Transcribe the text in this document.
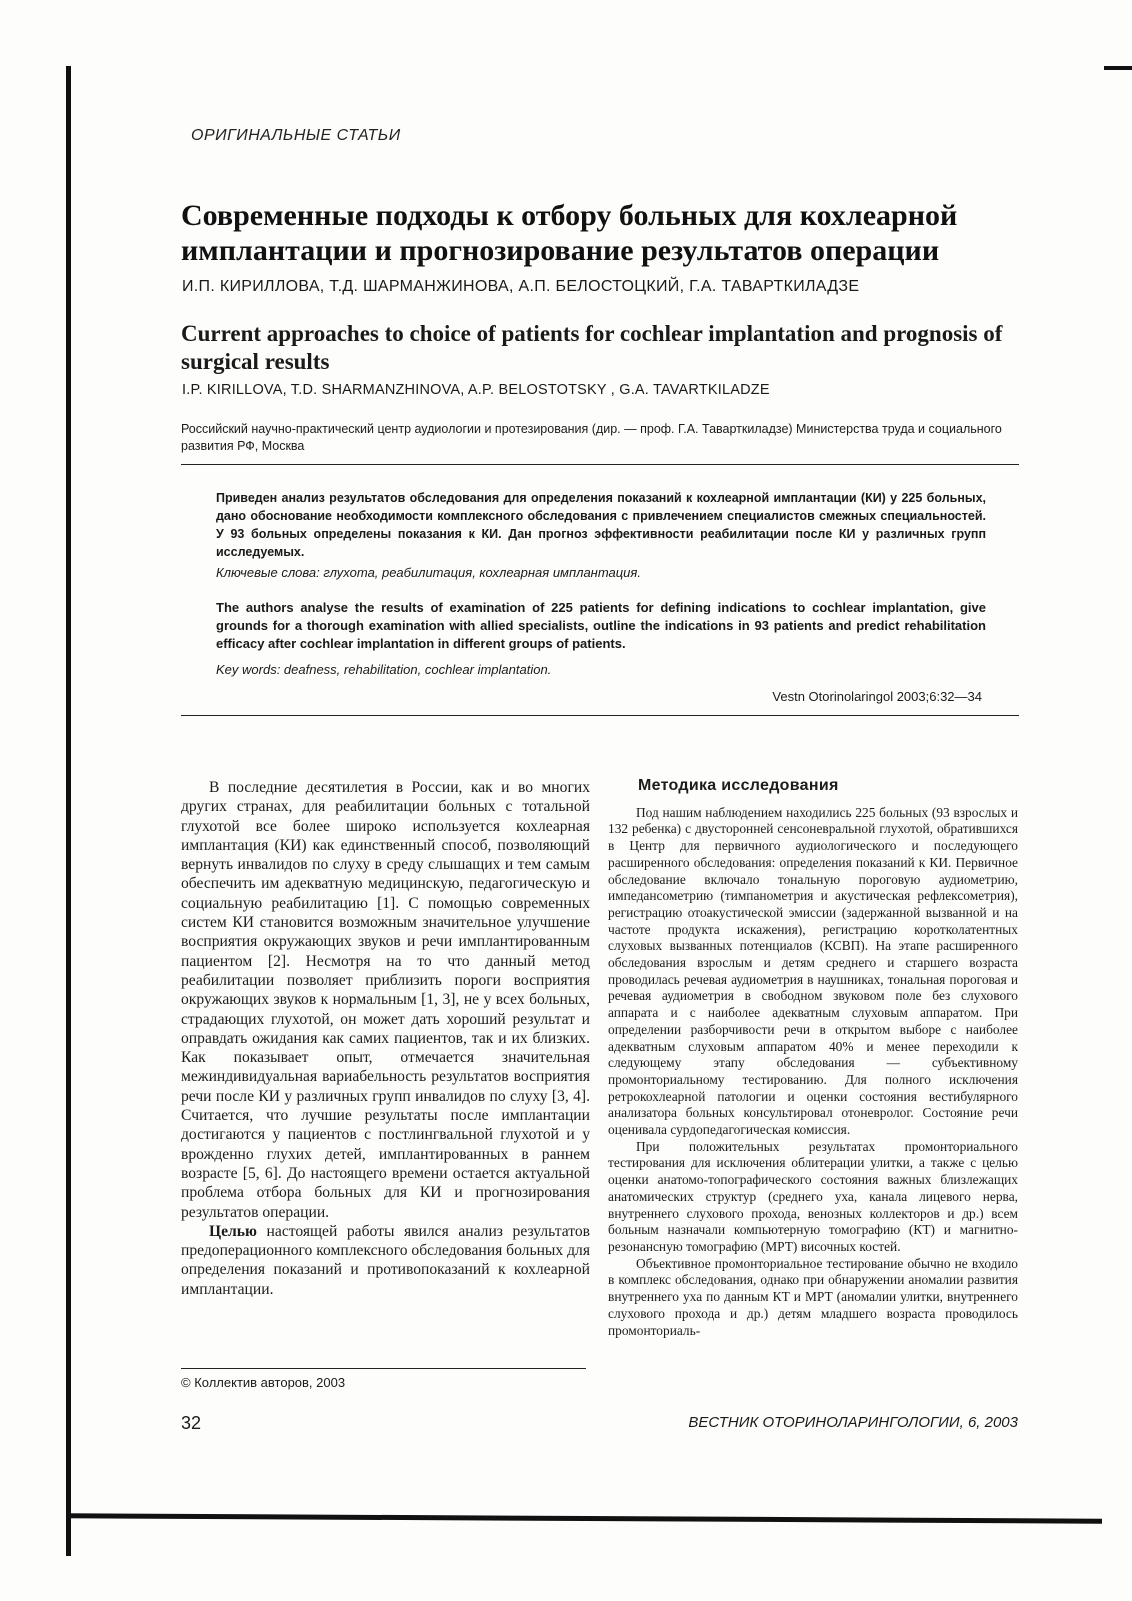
ОРИГИНАЛЬНЫЕ СТАТЬИ
Современные подходы к отбору больных для кохлеарной имплантации и прогнозирование результатов операции
И.П. КИРИЛЛОВА, Т.Д. ШАРМАНЖИНОВА, А.П. БЕЛОСТОЦКИЙ, Г.А. ТАВАРТКИЛАДЗЕ
Current approaches to choice of patients for cochlear implantation and prognosis of surgical results
I.P. KIRILLOVA, T.D. SHARMANZHINOVA, A.P. BELOSTOTSKY , G.A. TAVARTKILADZE
Российский научно-практический центр аудиологии и протезирования (дир. — проф. Г.А. Таварткиладзе) Министерства труда и социального развития РФ, Москва
Приведен анализ результатов обследования для определения показаний к кохлеарной имплантации (КИ) у 225 больных, дано обоснование необходимости комплексного обследования с привлечением специалистов смежных специальностей. У 93 больных определены показания к КИ. Дан прогноз эффективности реабилитации после КИ у различных групп исследуемых.
Ключевые слова: глухота, реабилитация, кохлеарная имплантация.
The authors analyse the results of examination of 225 patients for defining indications to cochlear implantation, give grounds for a thorough examination with allied specialists, outline the indications in 93 patients and predict rehabilitation efficacy after cochlear implantation in different groups of patients.
Key words: deafness, rehabilitation, cochlear implantation.
Vestn Otorinolaringol 2003;6:32—34

В последние десятилетия в России, как и во многих других странах, для реабилитации больных с тотальной глухотой все более широко используется кохлеарная имплантация (КИ) как единственный способ, позволяющий вернуть инвалидов по слуху в среду слышащих и тем самым обеспечить им адекватную медицинскую, педагогическую и социальную реабилитацию [1]. С помощью современных систем КИ становится возможным значительное улучшение восприятия окружающих звуков и речи имплантированным пациентом [2]. Несмотря на то что данный метод реабилитации позволяет приблизить пороги восприятия окружающих звуков к нормальным [1, 3], не у всех больных, страдающих глухотой, он может дать хороший результат и оправдать ожидания как самих пациентов, так и их близких. Как показывает опыт, отмечается значительная межиндивидуальная вариабельность результатов восприятия речи после КИ у различных групп инвалидов по слуху [3, 4]. Считается, что лучшие результаты после имплантации достигаются у пациентов с постлингвальной глухотой и у врожденно глухих детей, имплантированных в раннем возрасте [5, 6]. До настоящего времени остается актуальной проблема отбора больных для КИ и прогнозирования результатов операции.

Целью настоящей работы явился анализ результатов предоперационного комплексного обследования больных для определения показаний и противопоказаний к кохлеарной имплантации.

Методика исследования

Под нашим наблюдением находились 225 больных (93 взрослых и 132 ребенка) с двусторонней сенсоневральной глухотой, обратившихся в Центр для первичного аудиологического и последующего расширенного обследования: определения показаний к КИ. Первичное обследование включало тональную пороговую аудиометрию, импедансометрию (тимпанометрия и акустическая рефлексометрия), регистрацию отоакустической эмиссии (задержанной вызванной и на частоте продукта искажения), регистрацию коротколатентных слуховых вызванных потенциалов (КСВП). На этапе расширенного обследования взрослым и детям среднего и старшего возраста проводилась речевая аудиометрия в наушниках, тональная пороговая и речевая аудиометрия в свободном звуковом поле без слухового аппарата и с наиболее адекватным слуховым аппаратом. При определении разборчивости речи в открытом выборе с наиболее адекватным слуховым аппаратом 40% и менее переходили к следующему этапу обследования — субъективному промонториальному тестированию. Для полного исключения ретрокохлеарной патологии и оценки состояния вестибулярного анализатора больных консультировал отоневролог. Состояние речи оценивала сурдопедагогическая комиссия.

При положительных результатах промонториального тестирования для исключения облитерации улитки, а также с целью оценки анатомо-топографического состояния важных близлежащих анатомических структур (среднего уха, канала лицевого нерва, внутреннего слухового прохода, венозных коллекторов и др.) всем больным назначали компьютерную томографию (КТ) и магнитно-резонансную томографию (МРТ) височных костей.

Объективное промонториальное тестирование обычно не входило в комплекс обследования, однако при обнаружении аномалии развития внутреннего уха по данным КТ и МРТ (аномалии улитки, внутреннего слухового прохода и др.) детям младшего возраста проводилось промонториаль-

© Коллектив авторов, 2003
32	ВЕСТНИК ОТОРИНОЛАРИНГОЛОГИИ, 6, 2003
